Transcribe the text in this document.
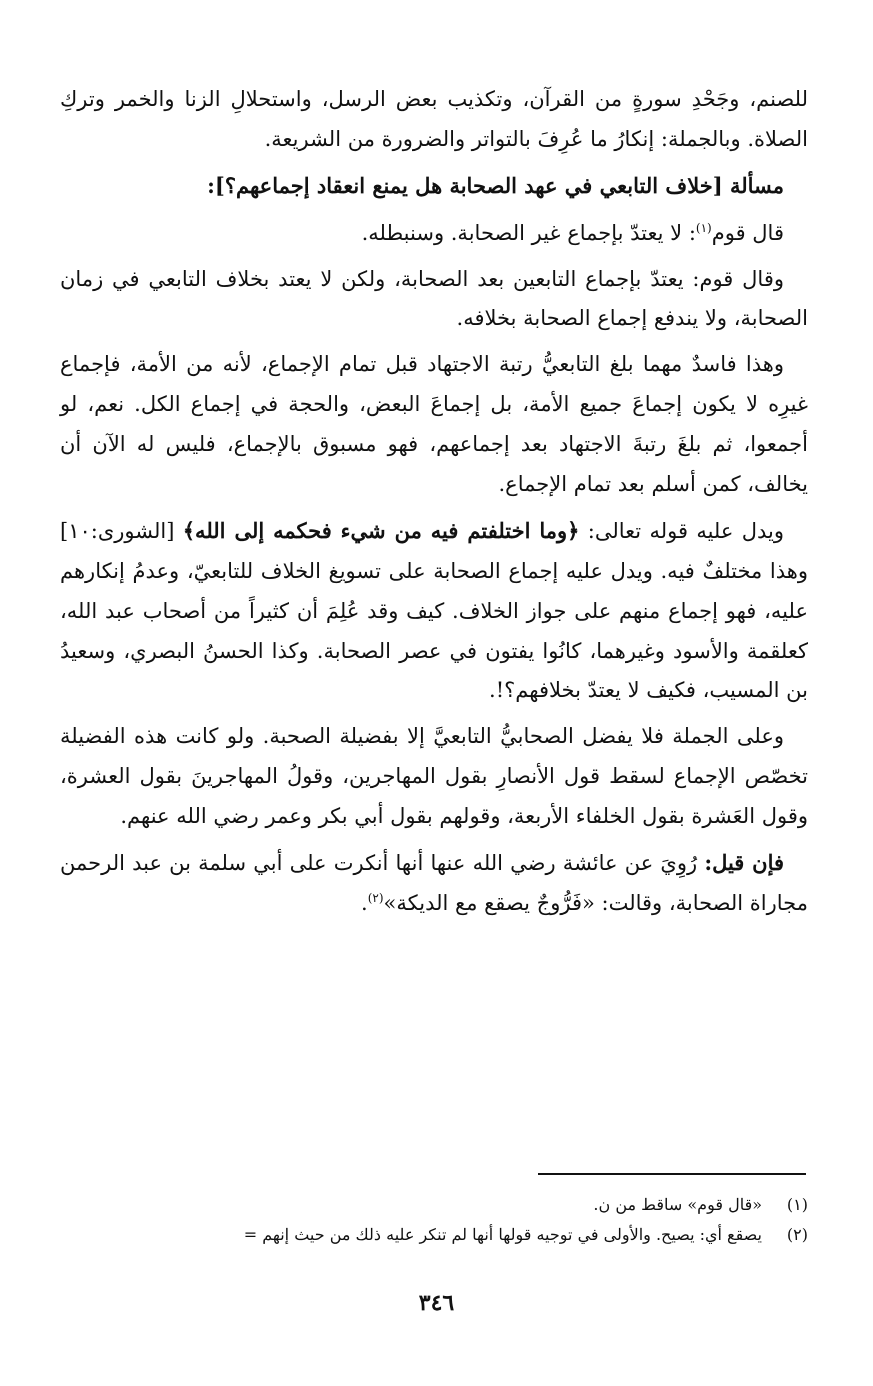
للصنم، وجَحْدِ سورةٍ من القرآن، وتكذيب بعض الرسل، واستحلالِ الزنا والخمر وتركِ الصلاة. وبالجملة: إنكارُ ما عُرِفَ بالتواتر والضرورة من الشريعة.

مسألة [خلاف التابعي في عهد الصحابة هل يمنع انعقاد إجماعهم؟]:

قال قوم$^{(١)}$: لا يعتدّ بإجماع غير الصحابة. وسنبطله.

وقال قوم: يعتدّ بإجماع التابعين بعد الصحابة، ولكن لا يعتد بخلاف التابعي في زمان الصحابة، ولا يندفع إجماع الصحابة بخلافه.

وهذا فاسدٌ مهما بلغ التابعيُّ رتبة الاجتهاد قبل تمام الإجماع، لأنه من الأمة، فإجماع غيرِه لا يكون إجماعَ جميع الأمة، بل إجماعَ البعض، والحجة في إجماع الكل. نعم، لو أجمعوا، ثم بلغَ رتبةَ الاجتهاد بعد إجماعهم، فهو مسبوق بالإجماع، فليس له الآن أن يخالف، كمن أسلم بعد تمام الإجماع.

ويدل عليه قوله تعالى: ﴿وما اختلفتم فيه من شيء فحكمه إلى الله﴾ [الشورى:١٠] وهذا مختلفٌ فيه. ويدل عليه إجماع الصحابة على تسويغ الخلاف للتابعيّ، وعدمُ إنكارهم عليه، فهو إجماع منهم على جواز الخلاف. كيف وقد عُلِمَ أن كثيراً من أصحاب عبد الله، كعلقمة والأسود وغيرهما، كانُوا يفتون في عصر الصحابة. وكذا الحسنُ البصري، وسعيدُ بن المسيب، فكيف لا يعتدّ بخلافهم؟!.

وعلى الجملة فلا يفضل الصحابيُّ التابعيَّ إلا بفضيلة الصحبة. ولو كانت هذه الفضيلة تخصّص الإجماع لسقط قول الأنصارِ بقول المهاجرين، وقولُ المهاجرينَ بقول العشرة، وقول العَشرة بقول الخلفاء الأربعة، وقولهم بقول أبي بكر وعمر رضي الله عنهم.

فإن قيل: رُوِيَ عن عائشة رضي الله عنها أنها أنكرت على أبي سلمة بن عبد الرحمن مجاراة الصحابة، وقالت: «فَرُّوجٌ يصقع مع الديكة»$^{(٢)}$.

(١)
«قال قوم» ساقط من ن.
(٢)
يصقع أي: يصيح. والأولى في توجيه قولها أنها لم تنكر عليه ذلك من حيث إنهم =
٣٤٦
